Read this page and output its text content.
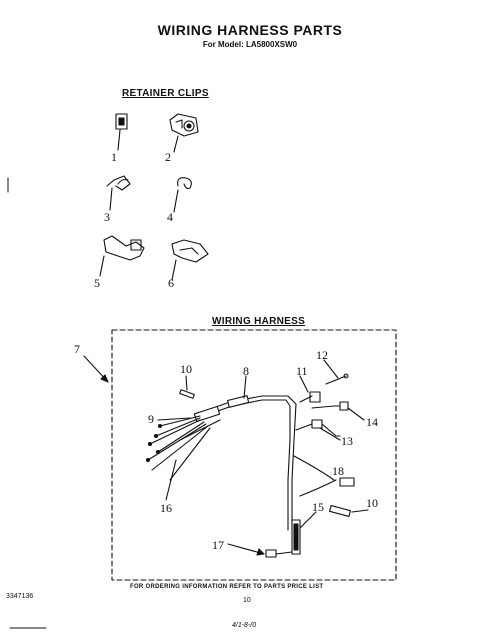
WIRING HARNESS PARTS
For Model: LA5800XSW0
RETAINER CLIPS
WIRING HARNESS
1	2
3	4
5	6
7
10	8	11
12
9	14
13
18
10
16	15
17
FOR ORDERING INFORMATION REFER TO PARTS PRICE LIST
3347136
10
4/1-8-/0
